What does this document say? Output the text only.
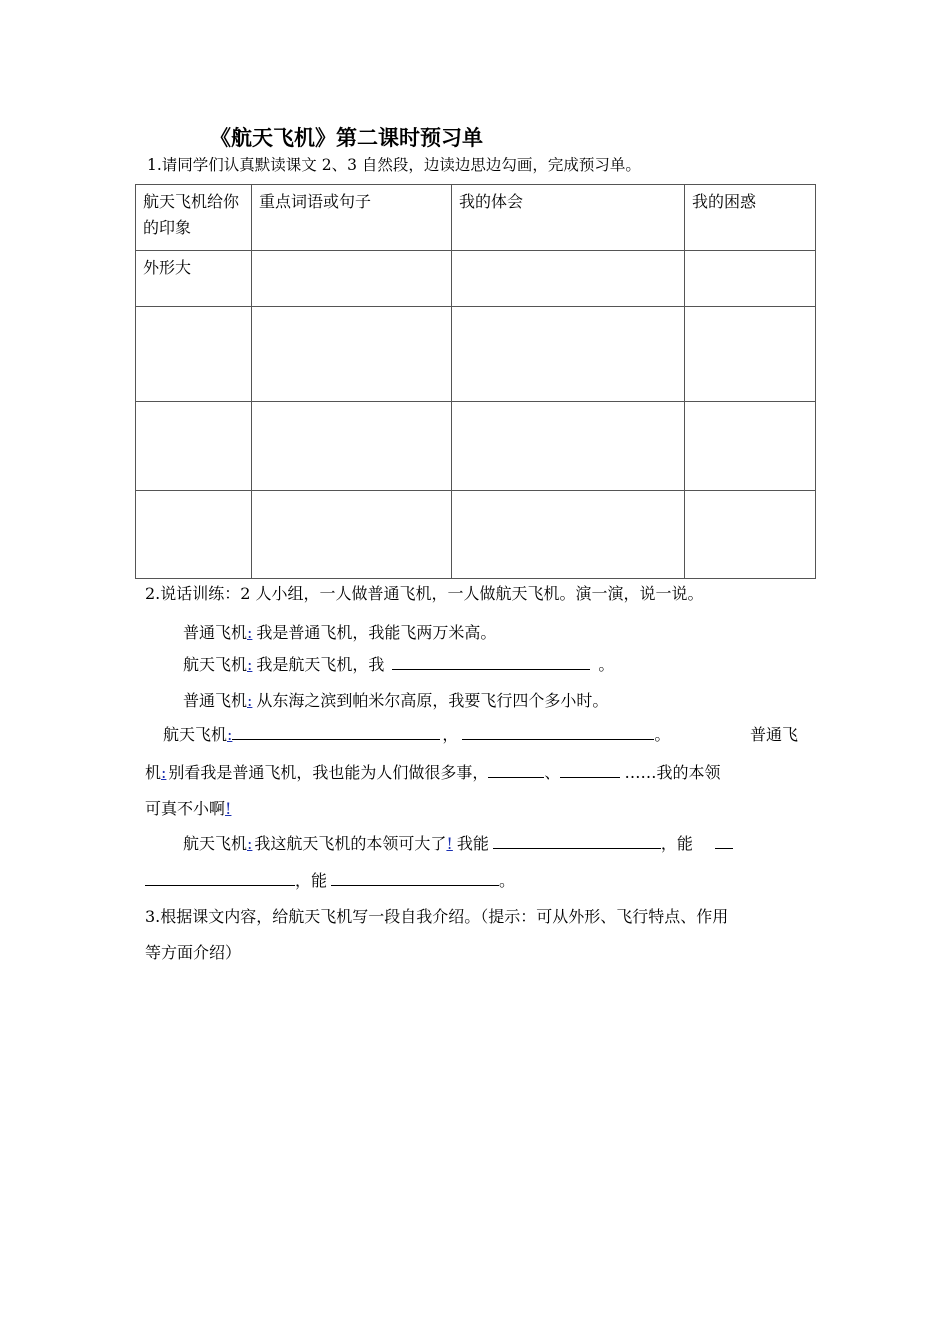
《航天飞机》第二课时预习单
1.请同学们认真默读课文 2、3 自然段，边读边思边勾画，完成预习单。
航天飞机给你的印象	重点词语或句子	我的体会	我的困惑
外形大			

2.说话训练：2 人小组，一人做普通飞机，一人做航天飞机。演一演，说一说。
普通飞机: 我是普通飞机，我能飞两万米高。
航天飞机: 我是航天飞机，我	。
普通飞机: 从东海之滨到帕米尔高原，我要飞行四个多小时。
航天飞机:	，	。	普通飞
机: 别看我是普通飞机，我也能为人们做很多事，	、	……我的本领
可真不小啊!
航天飞机: 我这航天飞机的本领可大了! 我能	，能
，能	。
3.根据课文内容，给航天飞机写一段自我介绍。（提示：可从外形、飞行特点、作用
等方面介绍）
